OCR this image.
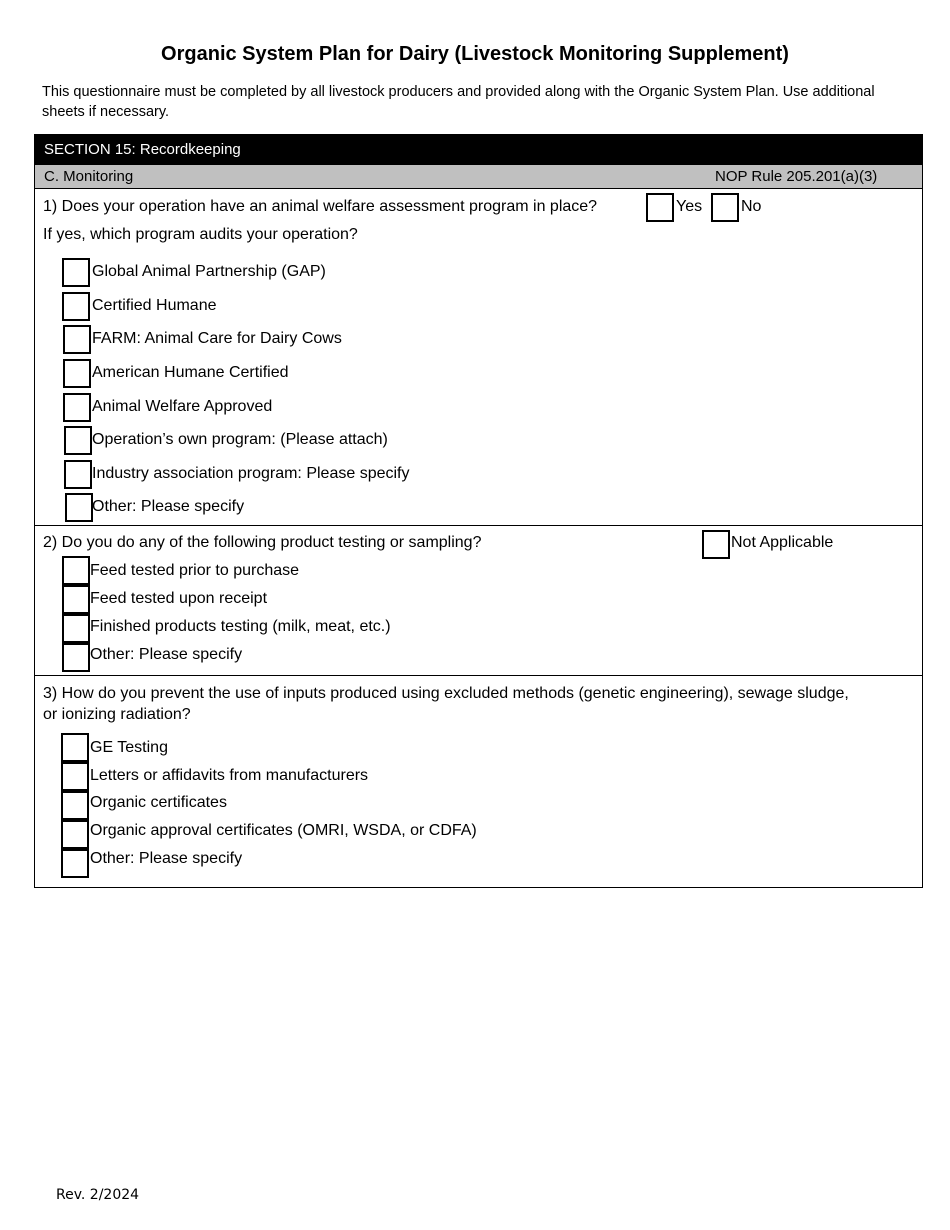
Organic System Plan for Dairy (Livestock Monitoring Supplement)
This questionnaire must be completed by all livestock producers and provided along with the Organic System Plan. Use additional sheets if necessary.
SECTION 15: Recordkeeping
C. Monitoring	NOP Rule 205.201(a)(3)
1) Does your operation have an animal welfare assessment program in place?	Yes No
If yes, which program audits your operation?
Global Animal Partnership (GAP)
Certified Humane
FARM: Animal Care for Dairy Cows
American Humane Certified
Animal Welfare Approved
Operation’s own program: (Please attach)
Industry association program: Please specify
Other: Please specify
2) Do you do any of the following product testing or sampling?	Not Applicable
Feed tested prior to purchase
Feed tested upon receipt
Finished products testing (milk, meat, etc.)
Other: Please specify
3) How do you prevent the use of inputs produced using excluded methods (genetic engineering), sewage sludge,
or ionizing radiation?
GE Testing
Letters or affidavits from manufacturers
Organic certificates
Organic approval certificates (OMRI, WSDA, or CDFA)
Other: Please specify
Rev. 2/2024
